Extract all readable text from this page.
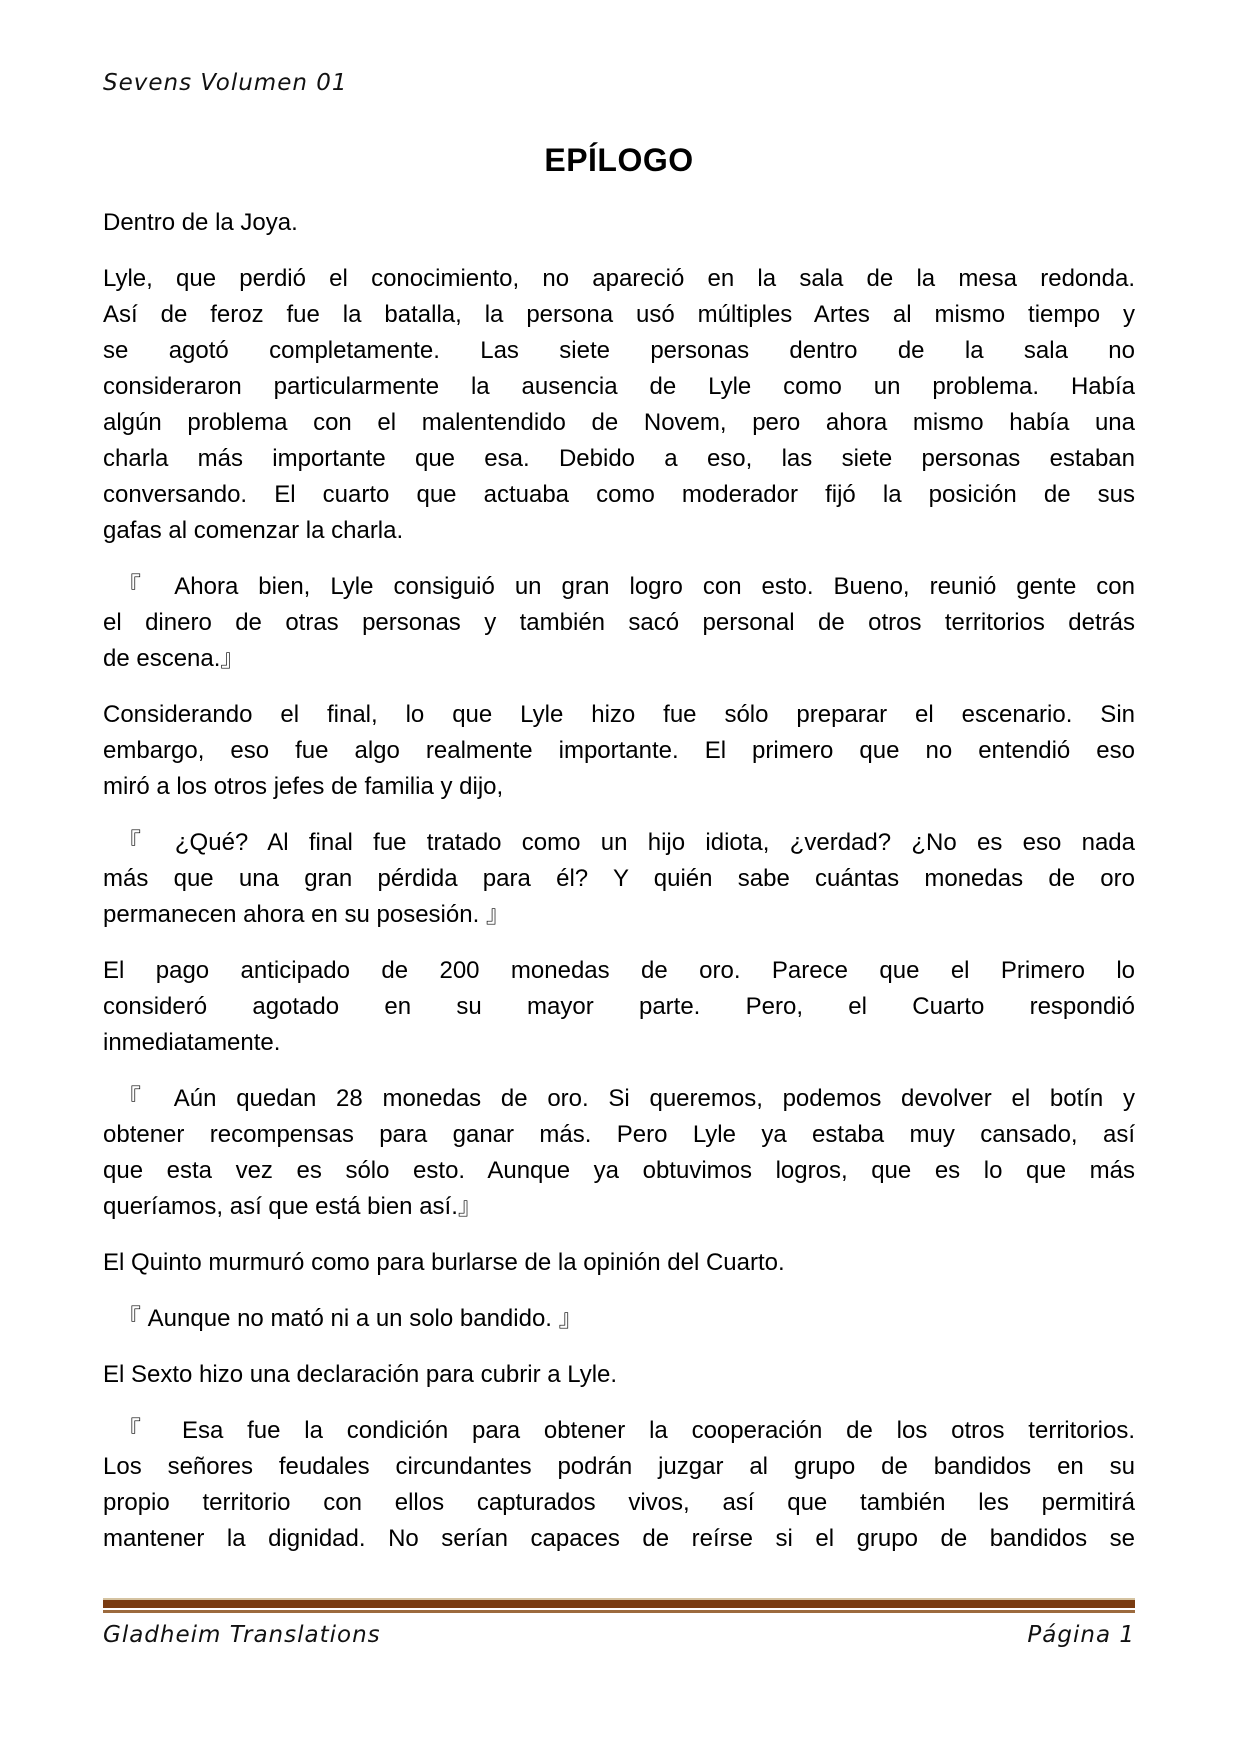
Sevens Volumen 01
EPÍLOGO

Dentro de la Joya.

Lyle, que perdió el conocimiento, no apareció en la sala de la mesa redonda.
Así de feroz fue la batalla, la persona usó múltiples Artes al mismo tiempo y
se agotó completamente. Las siete personas dentro de la sala no
consideraron particularmente la ausencia de Lyle como un problema. Había
algún problema con el malentendido de Novem, pero ahora mismo había una
charla más importante que esa. Debido a eso, las siete personas estaban
conversando. El cuarto que actuaba como moderador fijó la posición de sus
gafas al comenzar la charla.

『 Ahora bien, Lyle consiguió un gran logro con esto. Bueno, reunió gente con
el dinero de otras personas y también sacó personal de otros territorios detrás
de escena.』

Considerando el final, lo que Lyle hizo fue sólo preparar el escenario. Sin
embargo, eso fue algo realmente importante. El primero que no entendió eso
miró a los otros jefes de familia y dijo,

『 ¿Qué? Al final fue tratado como un hijo idiota, ¿verdad? ¿No es eso nada
más que una gran pérdida para él? Y quién sabe cuántas monedas de oro
permanecen ahora en su posesión. 』

El pago anticipado de 200 monedas de oro. Parece que el Primero lo
consideró agotado en su mayor parte. Pero, el Cuarto respondió
inmediatamente.

『 Aún quedan 28 monedas de oro. Si queremos, podemos devolver el botín y
obtener recompensas para ganar más. Pero Lyle ya estaba muy cansado, así
que esta vez es sólo esto. Aunque ya obtuvimos logros, que es lo que más
queríamos, así que está bien así.』

El Quinto murmuró como para burlarse de la opinión del Cuarto.

『 Aunque no mató ni a un solo bandido. 』

El Sexto hizo una declaración para cubrir a Lyle.

『 Esa fue la condición para obtener la cooperación de los otros territorios.
Los señores feudales circundantes podrán juzgar al grupo de bandidos en su
propio territorio con ellos capturados vivos, así que también les permitirá
mantener la dignidad. No serían capaces de reírse si el grupo de bandidos se

Gladheim Translations	Página 1
